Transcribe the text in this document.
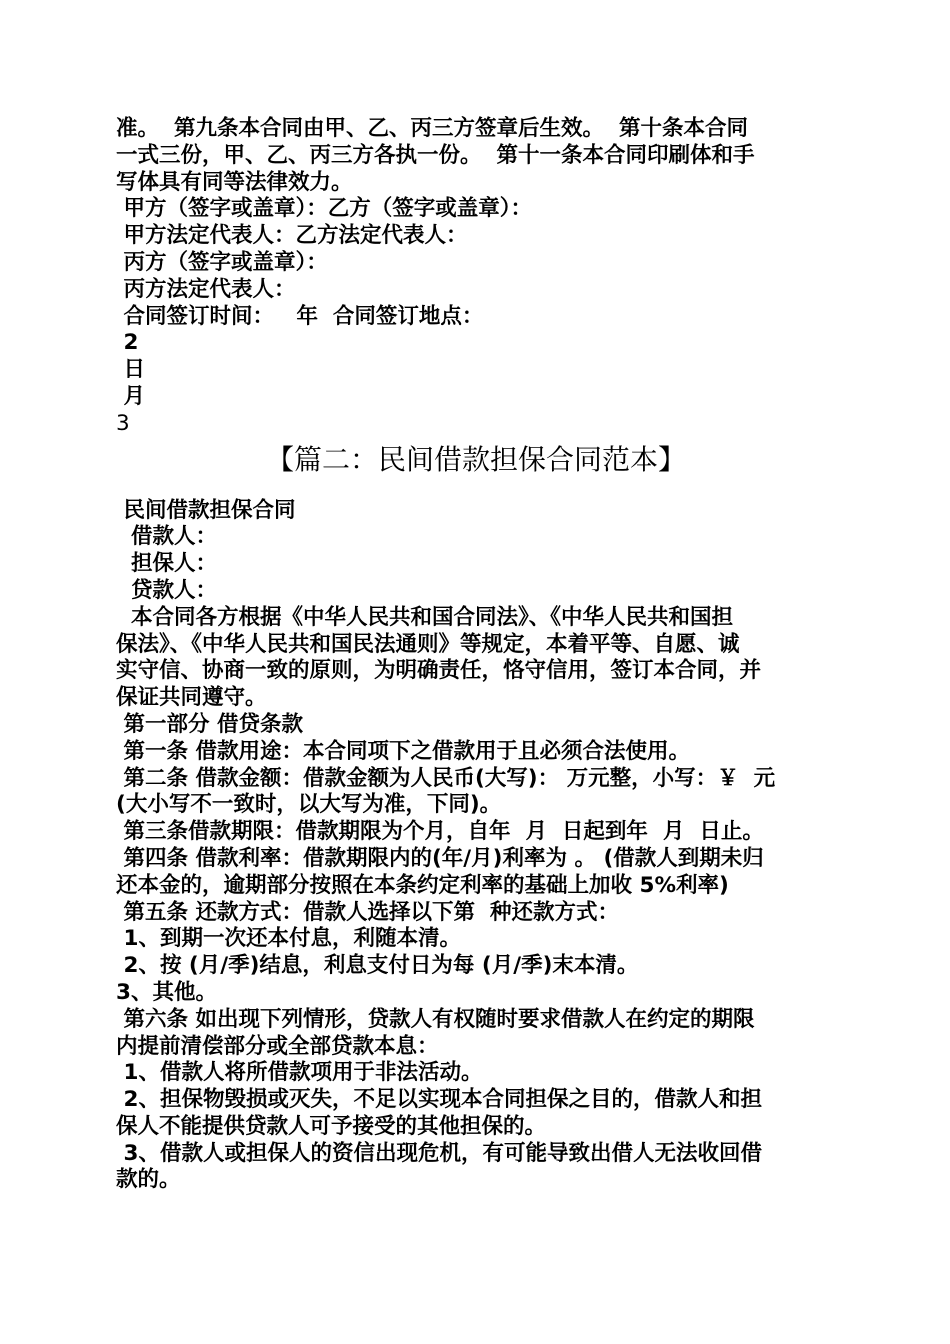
准。  第九条本合同由甲、乙、丙三方签章后生效。  第十条本合同

一式三份，甲、乙、丙三方各执一份。  第十一条本合同印刷体和手

写体具有同等法律效力。

甲方（签字或盖章）：乙方（签字或盖章）：

甲方法定代表人：乙方法定代表人：

丙方（签字或盖章）：

丙方法定代表人：

合同签订时间：   年  合同签订地点：

2

日

月

3

【篇二：民间借款担保合同范本】

民间借款担保合同

借款人：

担保人：

贷款人：

本合同各方根据《中华人民共和国合同法》、《中华人民共和国担

保法》、《中华人民共和国民法通则》等规定，本着平等、自愿、诚

实守信、协商一致的原则，为明确责任，恪守信用，签订本合同，并

保证共同遵守。

第一部分 借贷条款

第一条 借款用途：本合同项下之借款用于且必须合法使用。

第二条 借款金额：借款金额为人民币(大写)： 万元整，小写：￥  元

(大小写不一致时，以大写为准，下同)。

第三条借款期限：借款期限为个月，自年  月  日起到年  月  日止。

第四条 借款利率：借款期限内的(年/月)利率为 。 (借款人到期未归

还本金的，逾期部分按照在本条约定利率的基础上加收 5%利率)

第五条 还款方式：借款人选择以下第  种还款方式：

1、到期一次还本付息，利随本清。

2、按 (月/季)结息，利息支付日为每 (月/季)末本清。

3、其他。

第六条 如出现下列情形，贷款人有权随时要求借款人在约定的期限

内提前清偿部分或全部贷款本息：

1、借款人将所借款项用于非法活动。

2、担保物毁损或灭失，不足以实现本合同担保之目的，借款人和担

保人不能提供贷款人可予接受的其他担保的。

3、借款人或担保人的资信出现危机，有可能导致出借人无法收回借

款的。
